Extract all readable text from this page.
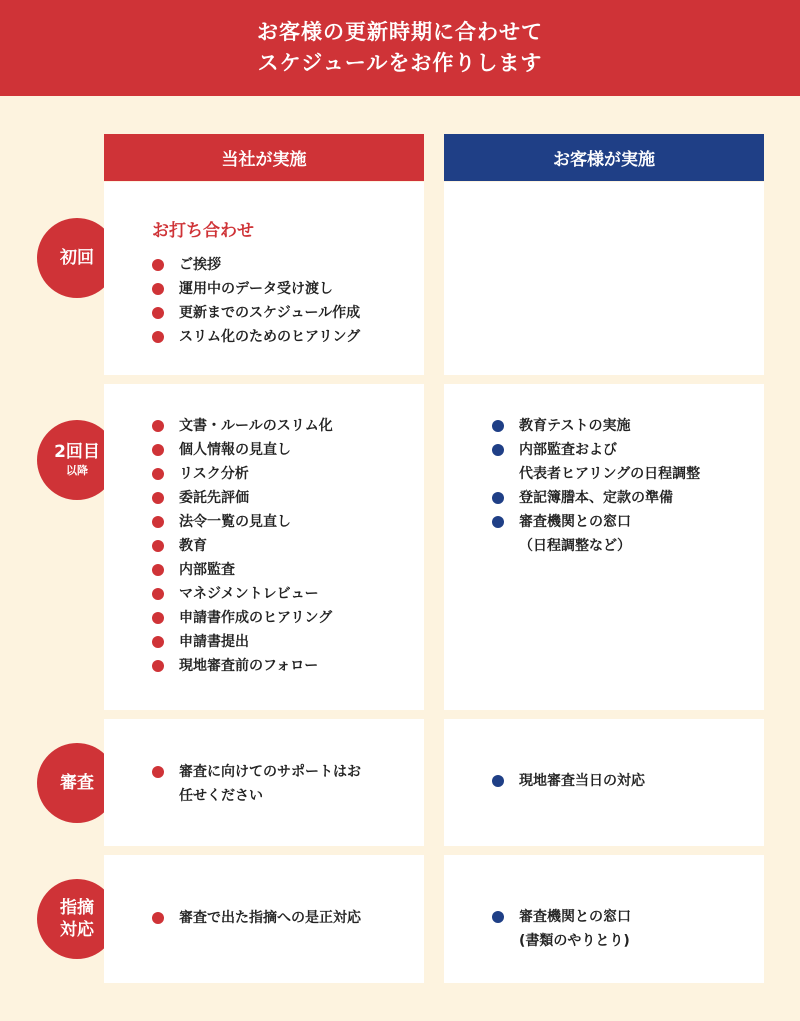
お客様の更新時期に合わせて
スケジュールをお作りします
当社が実施	お客様が実施
初回
お打ち合わせ
ご挨拶
運用中のデータ受け渡し
更新までのスケジュール作成
スリム化のためのヒアリング
2回目
以降
文書・ルールのスリム化
個人情報の見直し
リスク分析
委託先評価
法令一覧の見直し
教育
内部監査
マネジメントレビュー
申請書作成のヒアリング
申請書提出
現地審査前のフォロー
教育テストの実施
内部監査および
代表者ヒアリングの日程調整
登記簿謄本、定款の準備
審査機関との窓口
（日程調整など）
審査
審査に向けてのサポートはお
任せください
現地審査当日の対応
指摘
対応
審査で出た指摘への是正対応	審査機関との窓口
(書類のやりとり)
